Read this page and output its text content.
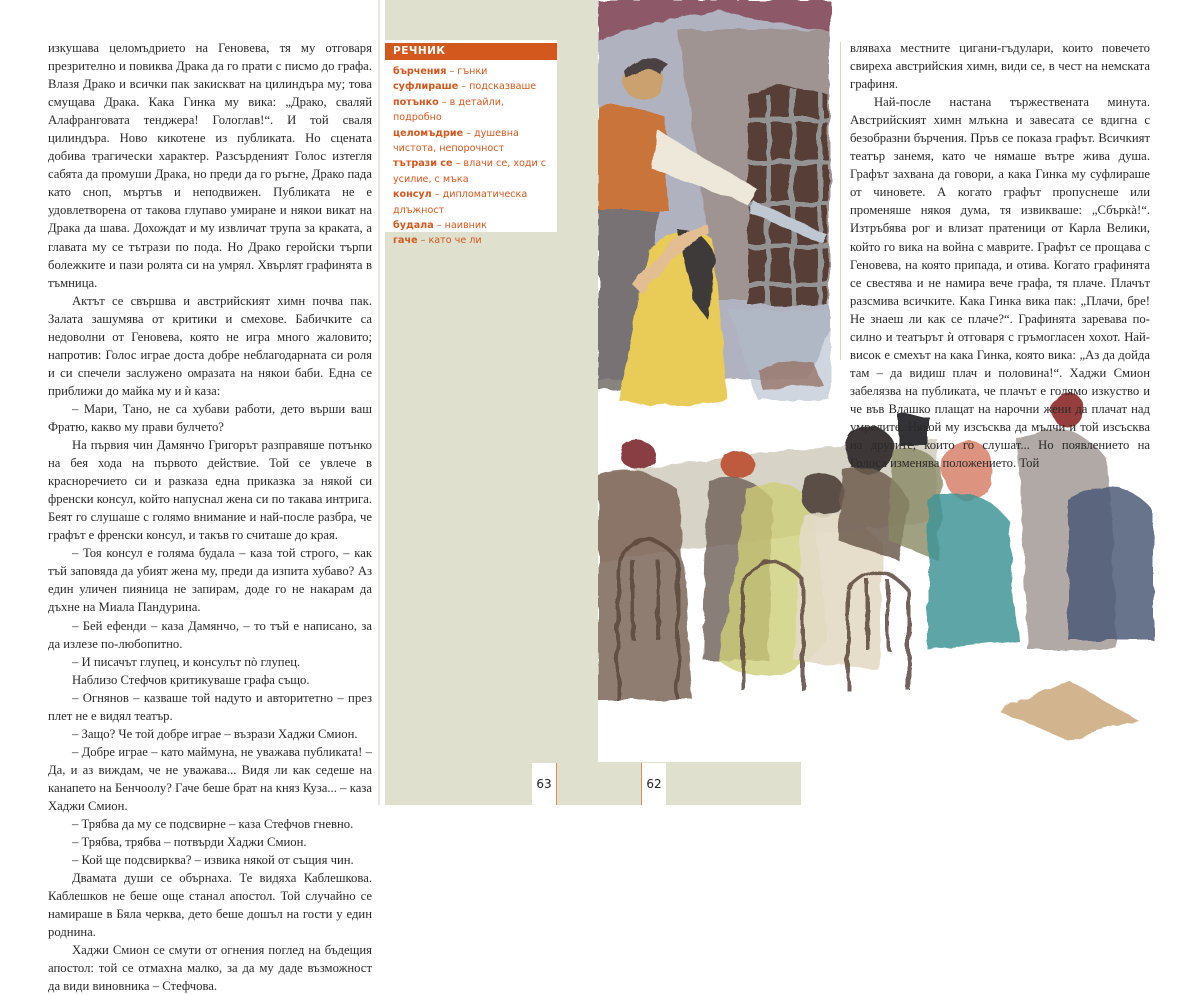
изкушава целомъдрието на Геновева, тя му отговаря презрително и повиква Драка да го прати с писмо до графа. Влазя Драко и всички пак закискват на цилиндъра му; това смущава Драка. Кака Гинка му вика: „Драко, сваляй Алафранговата тенджера! Гологлав!“. И той сваля цилиндъра. Ново кикотене из публиката. Но сцената добива трагически характер. Разсърденият Голос изтегля сабята да промуши Драка, но преди да го ръгне, Драко пада като сноп, мъртъв и неподвижен. Публиката не е удовлетворена от такова глупаво умиране и някои викат на Драка да шава. Дохождат и му извличат трупа за краката, а главата му се тътрази по пода. Но Драко геройски търпи болежките и пази ролята си на умрял. Хвърлят графинята в тъмница.

Актът се свършва и австрийският химн почва пак. Залата зашумява от критики и смехове. Бабичките са недоволни от Геновева, която не игра много жаловито; напротив: Голос играе доста добре неблагодарната си роля и си спечели заслужено омразата на някои баби. Една се приближи до майка му и ѝ каза:

– Мари, Тано, не са хубави работи, дето върши ваш Фратю, какво му прави булчето?

На първия чин Дамянчо Григорът разправяше потънко на бея хода на първото действие. Той се увлече в красноречието си и разказа една приказка за някой си френски консул, който напуснал жена си по такава интрига. Беят го слушаше с голямо внимание и най-после разбра, че графът е френски консул, и такъв го считаше до края.

– Тоя консул е голяма будала – каза той строго, – как тъй заповяда да убият жена му, преди да изпита хубаво? Аз един уличен пияница не запирам, доде го не накарам да дъхне на Миала Пандурина.

– Бей ефенди – каза Дамянчо, – то тъй е написано, за да излезе по-любопитно.

– И писачът глупец, и консулът пò глупец.

Наблизо Стефчов критикуваше графа също.

– Огнянов – казваше той надуто и авторитетно – през плет не е видял театър.

– Защо? Че той добре играе – възрази Хаджи Смион.

– Добре играе – като маймуна, не уважава публиката! – Да, и аз виждам, че не уважава... Видя ли как седеше на канапето на Бенчоолу? Гаче беше брат на княз Куза... – каза Хаджи Смион.

– Трябва да му се подсвирне – каза Стефчов гневно.

– Трябва, трябва – потвърди Хаджи Смион.

– Кой ще подсвирква? – извика някой от същия чин.

Двамата души се обърнаха. Те видяха Каблешкова. Каблешков не беше още станал апостол. Той случайно се намираше в Бяла черква, дето беше дошъл на гости у един роднина.

Хаджи Смион се смути от огнения поглед на бъдещия апостол: той се отмахна малко, за да му даде възможност да види виновника – Стефчова.

РЕЧНИК
бърчения – гънки
суфлираше – подсказваше
потънко – в детайли, подробно
целомъдрие – душевна чистота, непорочност
тътрази се – влачи се, ходи с усилие, с мъка
консул – дипломатическа длъжност
будала – наивник
гаче – като че ли
63	62

вляваха местните цигани-гъдулари, които повечето свиреха австрийския химн, види се, в чест на немската графиня.

Най-после настана тържествената минута. Австрийският химн млъкна и завесата се вдигна с безобразни бърчения. Пръв се показа графът. Всичкият театър занемя, като че нямаше вътре жива душа. Графът захвана да говори, а кака Гинка му суфлираше от чиновете. А когато графът пропуснеше или променяше някоя дума, тя извикваше: „Сбъркà!“. Изтръбява рог и влизат пратеници от Карла Велики, който го вика на война с маврите. Графът се прощава с Геновева, на която припада, и отива. Когато графинята се свестява и не намира вече графа, тя плаче. Плачът разсмива всичките. Кака Гинка вика пак: „Плачи, бре! Не знаеш ли как се плаче?“. Графинята заревава по-силно и театърът ѝ отговаря с гръмогласен хохот. Най-висок е смехът на кака Гинка, която вика: „Аз да дойда там – да видиш плач и половина!“. Хаджи Смион забелязва на публиката, че плачът е голямо изкуство и че във Влашко плащат на нарочни жени да плачат над умрелите. Някой му изсъсква да мълчи и той изсъсква на другите, които го слушат... Но появлението на Голоса изменява положението. Той
